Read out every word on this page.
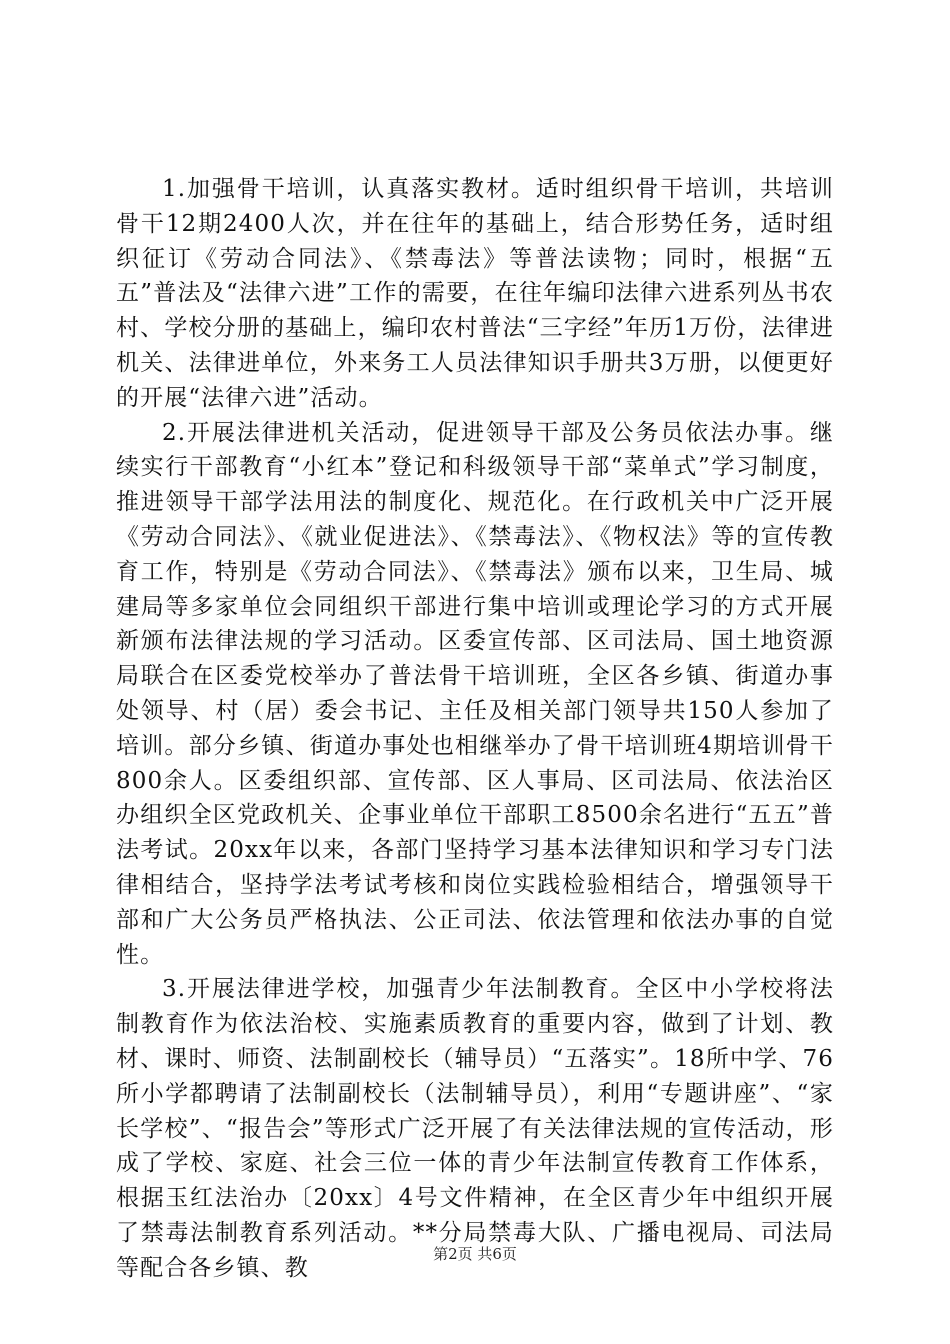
1.加强骨干培训，认真落实教材。适时组织骨干培训，共培训骨干12期2400人次，并在往年的基础上，结合形势任务，适时组织征订《劳动合同法》、《禁毒法》等普法读物；同时，根据“五五”普法及“法律六进”工作的需要，在往年编印法律六进系列丛书农村、学校分册的基础上，编印农村普法“三字经”年历1万份，法律进机关、法律进单位，外来务工人员法律知识手册共3万册，以便更好的开展“法律六进”活动。

2.开展法律进机关活动，促进领导干部及公务员依法办事。继续实行干部教育“小红本”登记和科级领导干部“菜单式”学习制度，推进领导干部学法用法的制度化、规范化。在行政机关中广泛开展《劳动合同法》、《就业促进法》、《禁毒法》、《物权法》等的宣传教育工作，特别是《劳动合同法》、《禁毒法》颁布以来，卫生局、城建局等多家单位会同组织干部进行集中培训或理论学习的方式开展新颁布法律法规的学习活动。区委宣传部、区司法局、国土地资源局联合在区委党校举办了普法骨干培训班，全区各乡镇、街道办事处领导、村（居）委会书记、主任及相关部门领导共150人参加了培训。部分乡镇、街道办事处也相继举办了骨干培训班4期培训骨干800余人。区委组织部、宣传部、区人事局、区司法局、依法治区办组织全区党政机关、企事业单位干部职工8500余名进行“五五”普法考试。20xx年以来，各部门坚持学习基本法律知识和学习专门法律相结合，坚持学法考试考核和岗位实践检验相结合，增强领导干部和广大公务员严格执法、公正司法、依法管理和依法办事的自觉性。

3.开展法律进学校，加强青少年法制教育。全区中小学校将法制教育作为依法治校、实施素质教育的重要内容，做到了计划、教材、课时、师资、法制副校长（辅导员）“五落实”。18所中学、76所小学都聘请了法制副校长（法制辅导员），利用“专题讲座”、“家长学校”、“报告会”等形式广泛开展了有关法律法规的宣传活动，形成了学校、家庭、社会三位一体的青少年法制宣传教育工作体系，根据玉红法治办〔20xx〕4号文件精神，在全区青少年中组织开展了禁毒法制教育系列活动。**分局禁毒大队、广播电视局、司法局等配合各乡镇、教

第2页 共6页
